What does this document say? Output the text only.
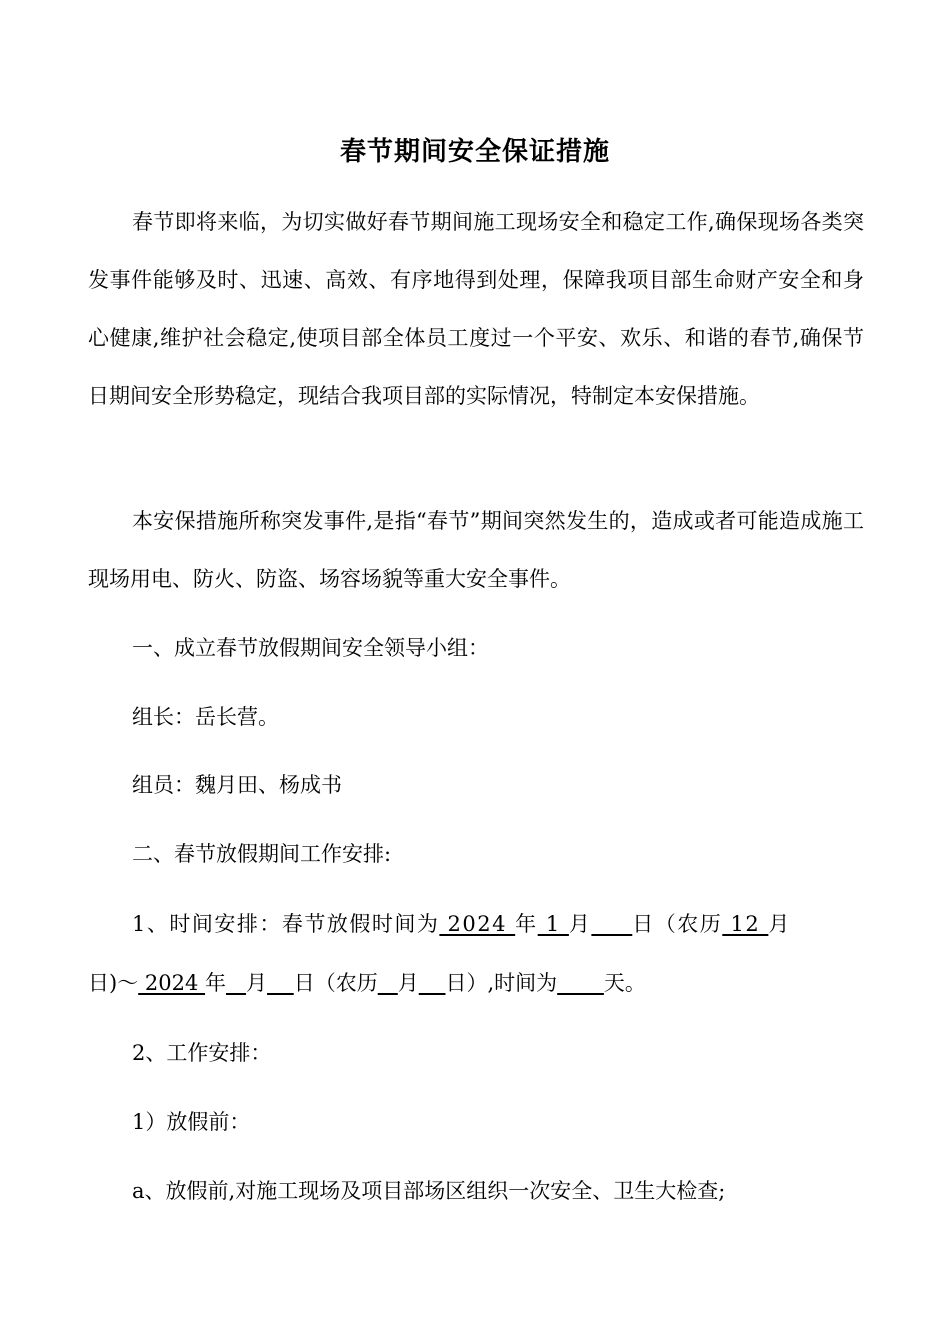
春节期间安全保证措施

春节即将来临，为切实做好春节期间施工现场安全和稳定工作,确保现场各类突发事件能够及时、迅速、高效、有序地得到处理，保障我项目部生命财产安全和身心健康,维护社会稳定,使项目部全体员工度过一个平安、欢乐、和谐的春节,确保节日期间安全形势稳定，现结合我项目部的实际情况，特制定本安保措施。

本安保措施所称突发事件,是指“春节”期间突然发生的，造成或者可能造成施工现场用电、防火、防盗、场容场貌等重大安全事件。

一、成立春节放假期间安全领导小组：

组长：岳长营。

组员：魏月田、杨成书

二、春节放假期间工作安排:

1、时间安排：春节放假时间为 2024 年 1 月 日（农历 12 月

日)～ 2024 年 月 日（农历 月 日）,时间为 天。

2、工作安排：

1）放假前：

a、放假前,对施工现场及项目部场区组织一次安全、卫生大检查;
